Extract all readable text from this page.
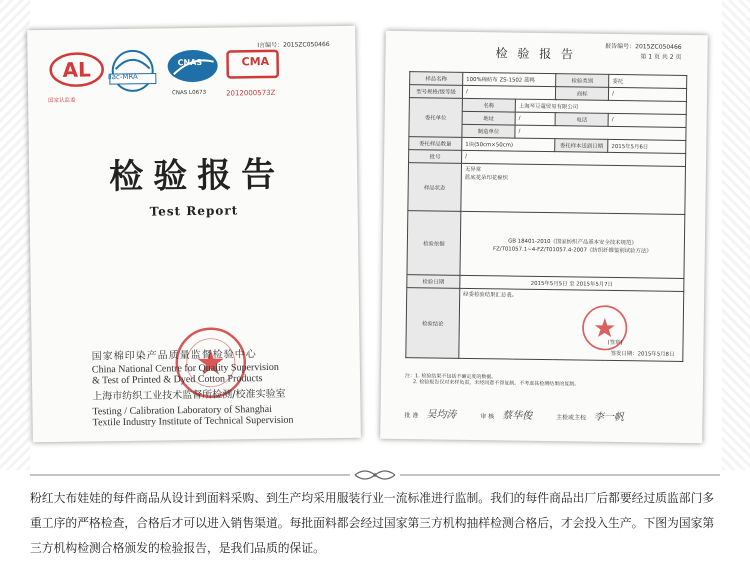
AL
国家认监委
ilac-MRA
CNAS	CMA
CNAS L0673	2012000573Z
Ⅰ言编号：2015ZC050466
检验报告
Test Report
国家棉印染产品质量监督检验中心
China National Centre for Quality Supervision
& Test of Printed & Dyed Cotton Products
上海市纺织工业技术监督所检测/校准实验室
Testing / Calibration Laboratory of Shanghai
Textile Industry Institute of Technical Supervision
报告编号：2015ZC050466
第 1 页 共 2 页
检 验 报 告
样品名称	100%棉纺布 ZS-1502 蓝鸭		检验类别	委托
型号规格/级等级	/		商标	/
委托单位	名称	上海琴豆蔻贸易有限公司		
	地址	/	电话	/
	制造单位	/		
委托样品数量	1块(50cm×50cm)		委托样本送到日期	2015年5月6日
批号	/			
样品状态	无异常
蓝底花朵印花棉织			
检验依据	GB 18401-2010《国家纺织产品基本安全技术规范》
FZ/T01057.1~4-FZ/T01057.4-2007《纺织纤维鉴别试验方法》			
检验日期	2015年5月5日 至 2015年5月7日			
检验结论	经委检验结果汇总表。
(签章)
签发日期：2015年5月8日			
注：1. 检验结果不包括不确定度的数据。
2. 检验报告仅对来样负责，未经同意不得复制。不考虑其检测结果的复制。
批 准 吴均涛	审 核 蔡华俊	主检或主校 李一帆
粉红大布娃娃的每件商品从设计到面料采购、到生产均采用服装行业一流标准进行监制。我们的每件商品出厂后都要经过质监部门多重工序的严格检查，合格后才可以进入销售渠道。每批面料都会经过国家第三方机构抽样检测合格后，才会投入生产。下图为国家第三方机构检测合格颁发的检验报告，是我们品质的保证。
